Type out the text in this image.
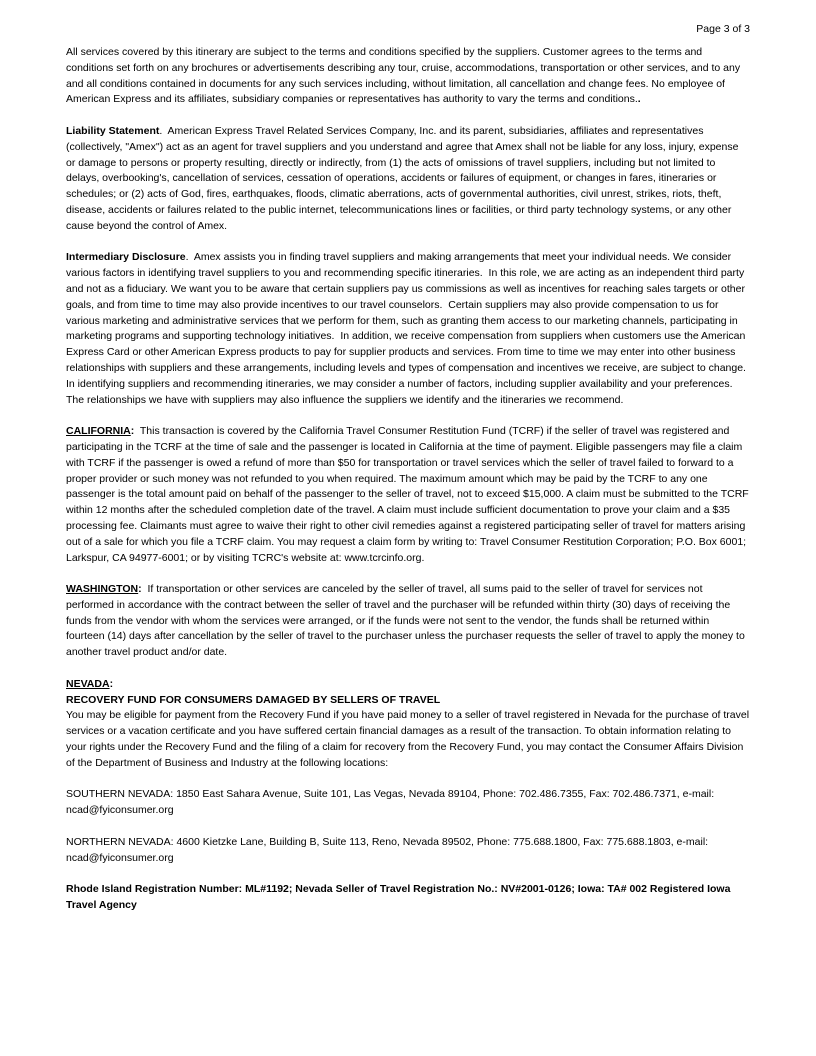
Page 3 of 3

All services covered by this itinerary are subject to the terms and conditions specified by the suppliers. Customer agrees to the terms and conditions set forth on any brochures or advertisements describing any tour, cruise, accommodations, transportation or other services, and to any and all conditions contained in documents for any such services including, without limitation, all cancellation and change fees. No employee of American Express and its affiliates, subsidiary companies or representatives has authority to vary the terms and conditions..

Liability Statement.  American Express Travel Related Services Company, Inc. and its parent, subsidiaries, affiliates and representatives (collectively, "Amex") act as an agent for travel suppliers and you understand and agree that Amex shall not be liable for any loss, injury, expense or damage to persons or property resulting, directly or indirectly, from (1) the acts of omissions of travel suppliers, including but not limited to delays, overbooking's, cancellation of services, cessation of operations, accidents or failures of equipment, or changes in fares, itineraries or schedules; or (2) acts of God, fires, earthquakes, floods, climatic aberrations, acts of governmental authorities, civil unrest, strikes, riots, theft, disease, accidents or failures related to the public internet, telecommunications lines or facilities, or third party technology systems, or any other cause beyond the control of Amex.

Intermediary Disclosure.  Amex assists you in finding travel suppliers and making arrangements that meet your individual needs. We consider various factors in identifying travel suppliers to you and recommending specific itineraries.  In this role, we are acting as an independent third party and not as a fiduciary. We want you to be aware that certain suppliers pay us commissions as well as incentives for reaching sales targets or other goals, and from time to time may also provide incentives to our travel counselors.  Certain suppliers may also provide compensation to us for various marketing and administrative services that we perform for them, such as granting them access to our marketing channels, participating in marketing programs and supporting technology initiatives.  In addition, we receive compensation from suppliers when customers use the American Express Card or other American Express products to pay for supplier products and services. From time to time we may enter into other business relationships with suppliers and these arrangements, including levels and types of compensation and incentives we receive, are subject to change.  In identifying suppliers and recommending itineraries, we may consider a number of factors, including supplier availability and your preferences.  The relationships we have with suppliers may also influence the suppliers we identify and the itineraries we recommend.

CALIFORNIA:  This transaction is covered by the California Travel Consumer Restitution Fund (TCRF) if the seller of travel was registered and participating in the TCRF at the time of sale and the passenger is located in California at the time of payment. Eligible passengers may file a claim with TCRF if the passenger is owed a refund of more than $50 for transportation or travel services which the seller of travel failed to forward to a proper provider or such money was not refunded to you when required. The maximum amount which may be paid by the TCRF to any one passenger is the total amount paid on behalf of the passenger to the seller of travel, not to exceed $15,000. A claim must be submitted to the TCRF within 12 months after the scheduled completion date of the travel. A claim must include sufficient documentation to prove your claim and a $35 processing fee. Claimants must agree to waive their right to other civil remedies against a registered participating seller of travel for matters arising out of a sale for which you file a TCRF claim. You may request a claim form by writing to: Travel Consumer Restitution Corporation; P.O. Box 6001; Larkspur, CA 94977-6001; or by visiting TCRC's website at: www.tcrcinfo.org.

WASHINGTON:  If transportation or other services are canceled by the seller of travel, all sums paid to the seller of travel for services not performed in accordance with the contract between the seller of travel and the purchaser will be refunded within thirty (30) days of receiving the funds from the vendor with whom the services were arranged, or if the funds were not sent to the vendor, the funds shall be returned within fourteen (14) days after cancellation by the seller of travel to the purchaser unless the purchaser requests the seller of travel to apply the money to another travel product and/or date.

NEVADA:
RECOVERY FUND FOR CONSUMERS DAMAGED BY SELLERS OF TRAVEL
You may be eligible for payment from the Recovery Fund if you have paid money to a seller of travel registered in Nevada for the purchase of travel services or a vacation certificate and you have suffered certain financial damages as a result of the transaction. To obtain information relating to your rights under the Recovery Fund and the filing of a claim for recovery from the Recovery Fund, you may contact the Consumer Affairs Division of the Department of Business and Industry at the following locations:

SOUTHERN NEVADA: 1850 East Sahara Avenue, Suite 101, Las Vegas, Nevada 89104, Phone: 702.486.7355, Fax: 702.486.7371, e-mail: ncad@fyiconsumer.org

NORTHERN NEVADA: 4600 Kietzke Lane, Building B, Suite 113, Reno, Nevada 89502, Phone: 775.688.1800, Fax: 775.688.1803, e-mail: ncad@fyiconsumer.org

Rhode Island Registration Number: ML#1192; Nevada Seller of Travel Registration No.: NV#2001-0126; Iowa: TA# 002 Registered Iowa Travel Agency
